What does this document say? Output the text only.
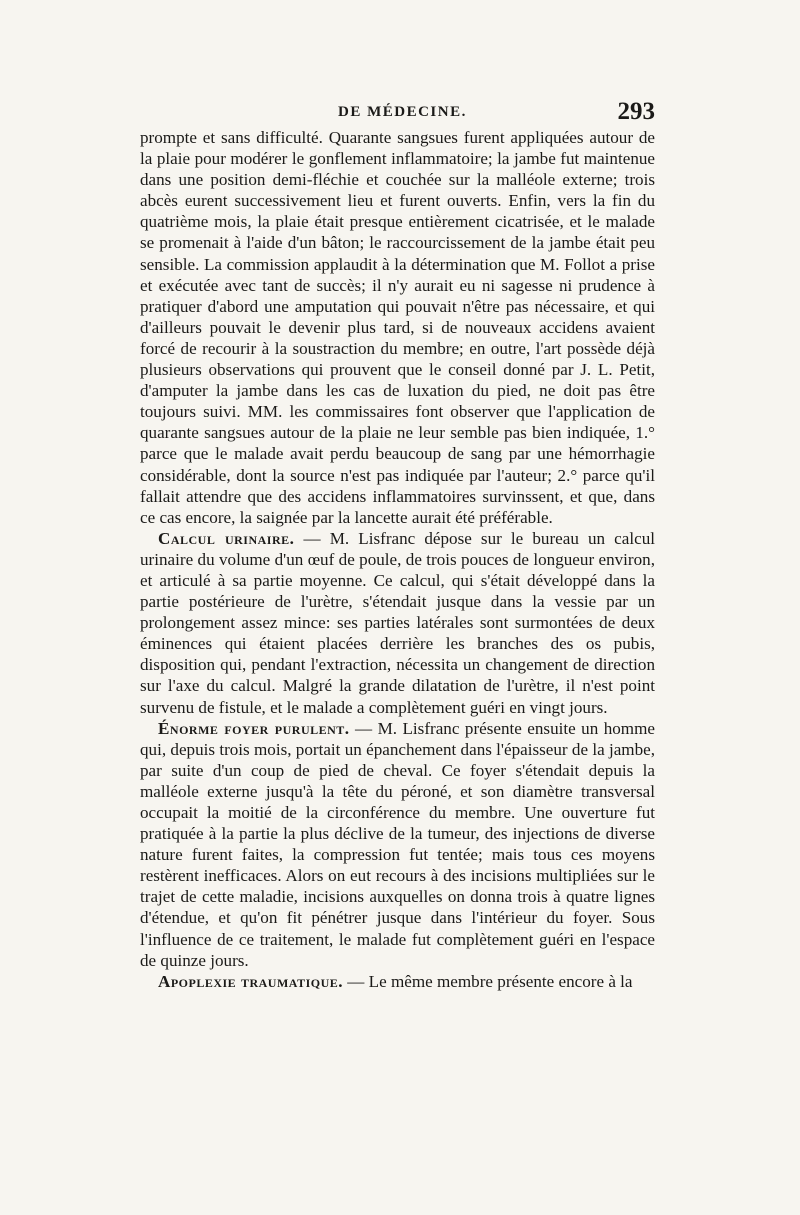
DE MÉDECINE.	293

prompte et sans difficulté. Quarante sangsues furent appliquées autour de la plaie pour modérer le gonflement inflammatoire; la jambe fut maintenue dans une position demi-fléchie et couchée sur la malléole externe; trois abcès eurent successivement lieu et furent ouverts. Enfin, vers la fin du quatrième mois, la plaie était presque entièrement cicatrisée, et le malade se promenait à l'aide d'un bâton; le raccourcissement de la jambe était peu sensible. La commission applaudit à la détermination que M. Follot a prise et exécutée avec tant de succès; il n'y aurait eu ni sagesse ni prudence à pratiquer d'abord une amputation qui pouvait n'être pas nécessaire, et qui d'ailleurs pouvait le devenir plus tard, si de nouveaux accidens avaient forcé de recourir à la soustraction du membre; en outre, l'art possède déjà plusieurs observations qui prouvent que le conseil donné par J. L. Petit, d'amputer la jambe dans les cas de luxation du pied, ne doit pas être toujours suivi. MM. les commissaires font observer que l'application de quarante sangsues autour de la plaie ne leur semble pas bien indiquée, 1.° parce que le malade avait perdu beaucoup de sang par une hémorrhagie considérable, dont la source n'est pas indiquée par l'auteur; 2.° parce qu'il fallait attendre que des accidens inflammatoires survinssent, et que, dans ce cas encore, la saignée par la lancette aurait été préférable.

Calcul urinaire. — M. Lisfranc dépose sur le bureau un calcul urinaire du volume d'un œuf de poule, de trois pouces de longueur environ, et articulé à sa partie moyenne. Ce calcul, qui s'était développé dans la partie postérieure de l'urètre, s'étendait jusque dans la vessie par un prolongement assez mince: ses parties latérales sont surmontées de deux éminences qui étaient placées derrière les branches des os pubis, disposition qui, pendant l'extraction, nécessita un changement de direction sur l'axe du calcul. Malgré la grande dilatation de l'urètre, il n'est point survenu de fistule, et le malade a complètement guéri en vingt jours.

Énorme foyer purulent. — M. Lisfranc présente ensuite un homme qui, depuis trois mois, portait un épanchement dans l'épaisseur de la jambe, par suite d'un coup de pied de cheval. Ce foyer s'étendait depuis la malléole externe jusqu'à la tête du péroné, et son diamètre transversal occupait la moitié de la circonférence du membre. Une ouverture fut pratiquée à la partie la plus déclive de la tumeur, des injections de diverse nature furent faites, la compression fut tentée; mais tous ces moyens restèrent inefficaces. Alors on eut recours à des incisions multipliées sur le trajet de cette maladie, incisions auxquelles on donna trois à quatre lignes d'étendue, et qu'on fit pénétrer jusque dans l'intérieur du foyer. Sous l'influence de ce traitement, le malade fut complètement guéri en l'espace de quinze jours.

Apoplexie traumatique. — Le même membre présente encore à la
